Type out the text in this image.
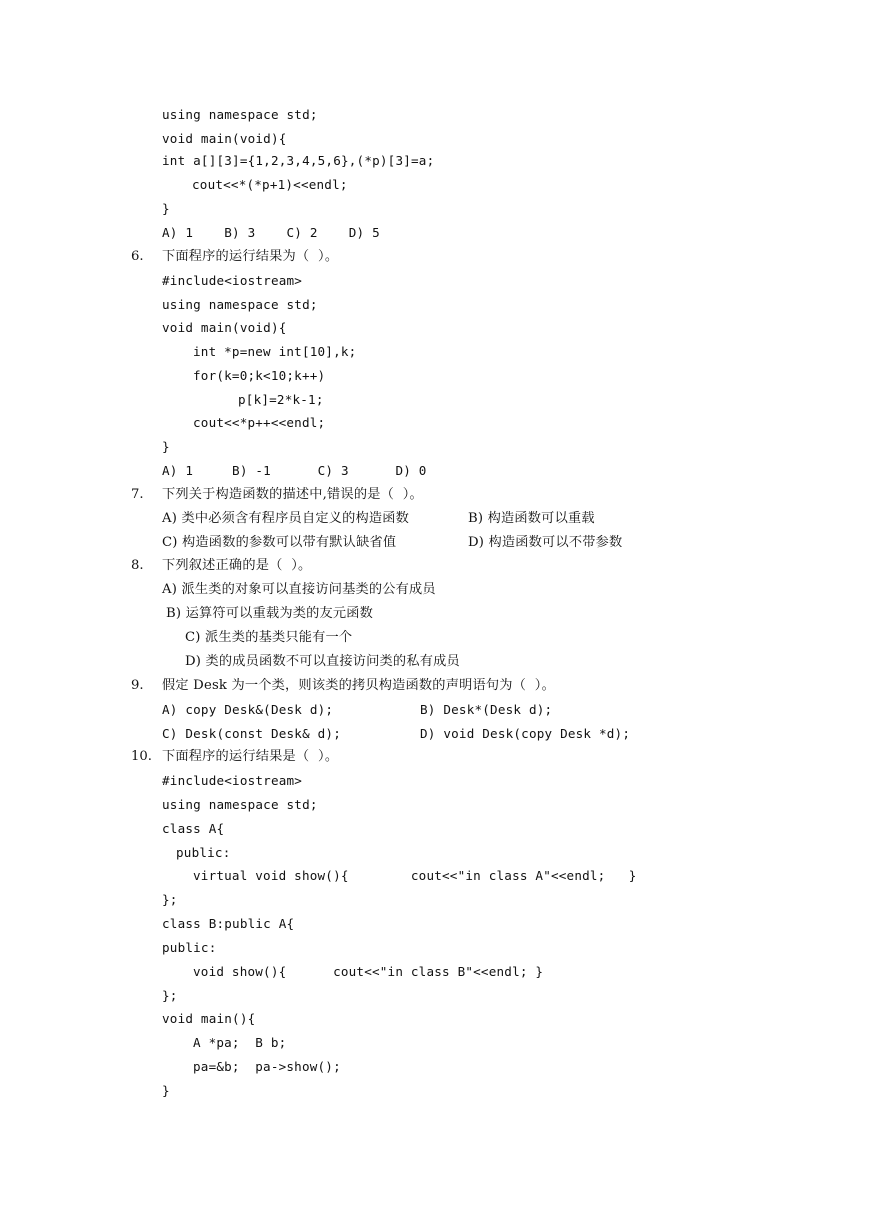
using namespace std;
void main(void){
int a[][3]={1,2,3,4,5,6},(*p)[3]=a;
cout<<*(*p+1)<<endl;
}
A) 1    B) 3    C) 2    D) 5
6. 下面程序的运行结果为（  ）。
#include<iostream>
using namespace std;
void main(void){
int *p=new int[10],k;
for(k=0;k<10;k++)
p[k]=2*k-1;
cout<<*p++<<endl;
}
A) 1     B) -1      C) 3      D) 0
7. 下列关于构造函数的描述中,错误的是（  ）。
A) 类中必须含有程序员自定义的构造函数	B) 构造函数可以重载
C) 构造函数的参数可以带有默认缺省值	D) 构造函数可以不带参数
8. 下列叙述正确的是（  ）。
A) 派生类的对象可以直接访问基类的公有成员
B) 运算符可以重载为类的友元函数
C) 派生类的基类只能有一个
D) 类的成员函数不可以直接访问类的私有成员
9. 假定 Desk 为一个类，则该类的拷贝构造函数的声明语句为（  ）。
A) copy Desk&(Desk d);	B) Desk*(Desk d);
C) Desk(const Desk& d);	D) void Desk(copy Desk *d);
10. 下面程序的运行结果是（  ）。
#include<iostream>
using namespace std;
class A{
public:
virtual void show(){        cout<<"in class A"<<endl;   }
};
class B:public A{
public:
void show(){      cout<<"in class B"<<endl; }
};
void main(){
A *pa;  B b;
pa=&b;  pa->show();
}
